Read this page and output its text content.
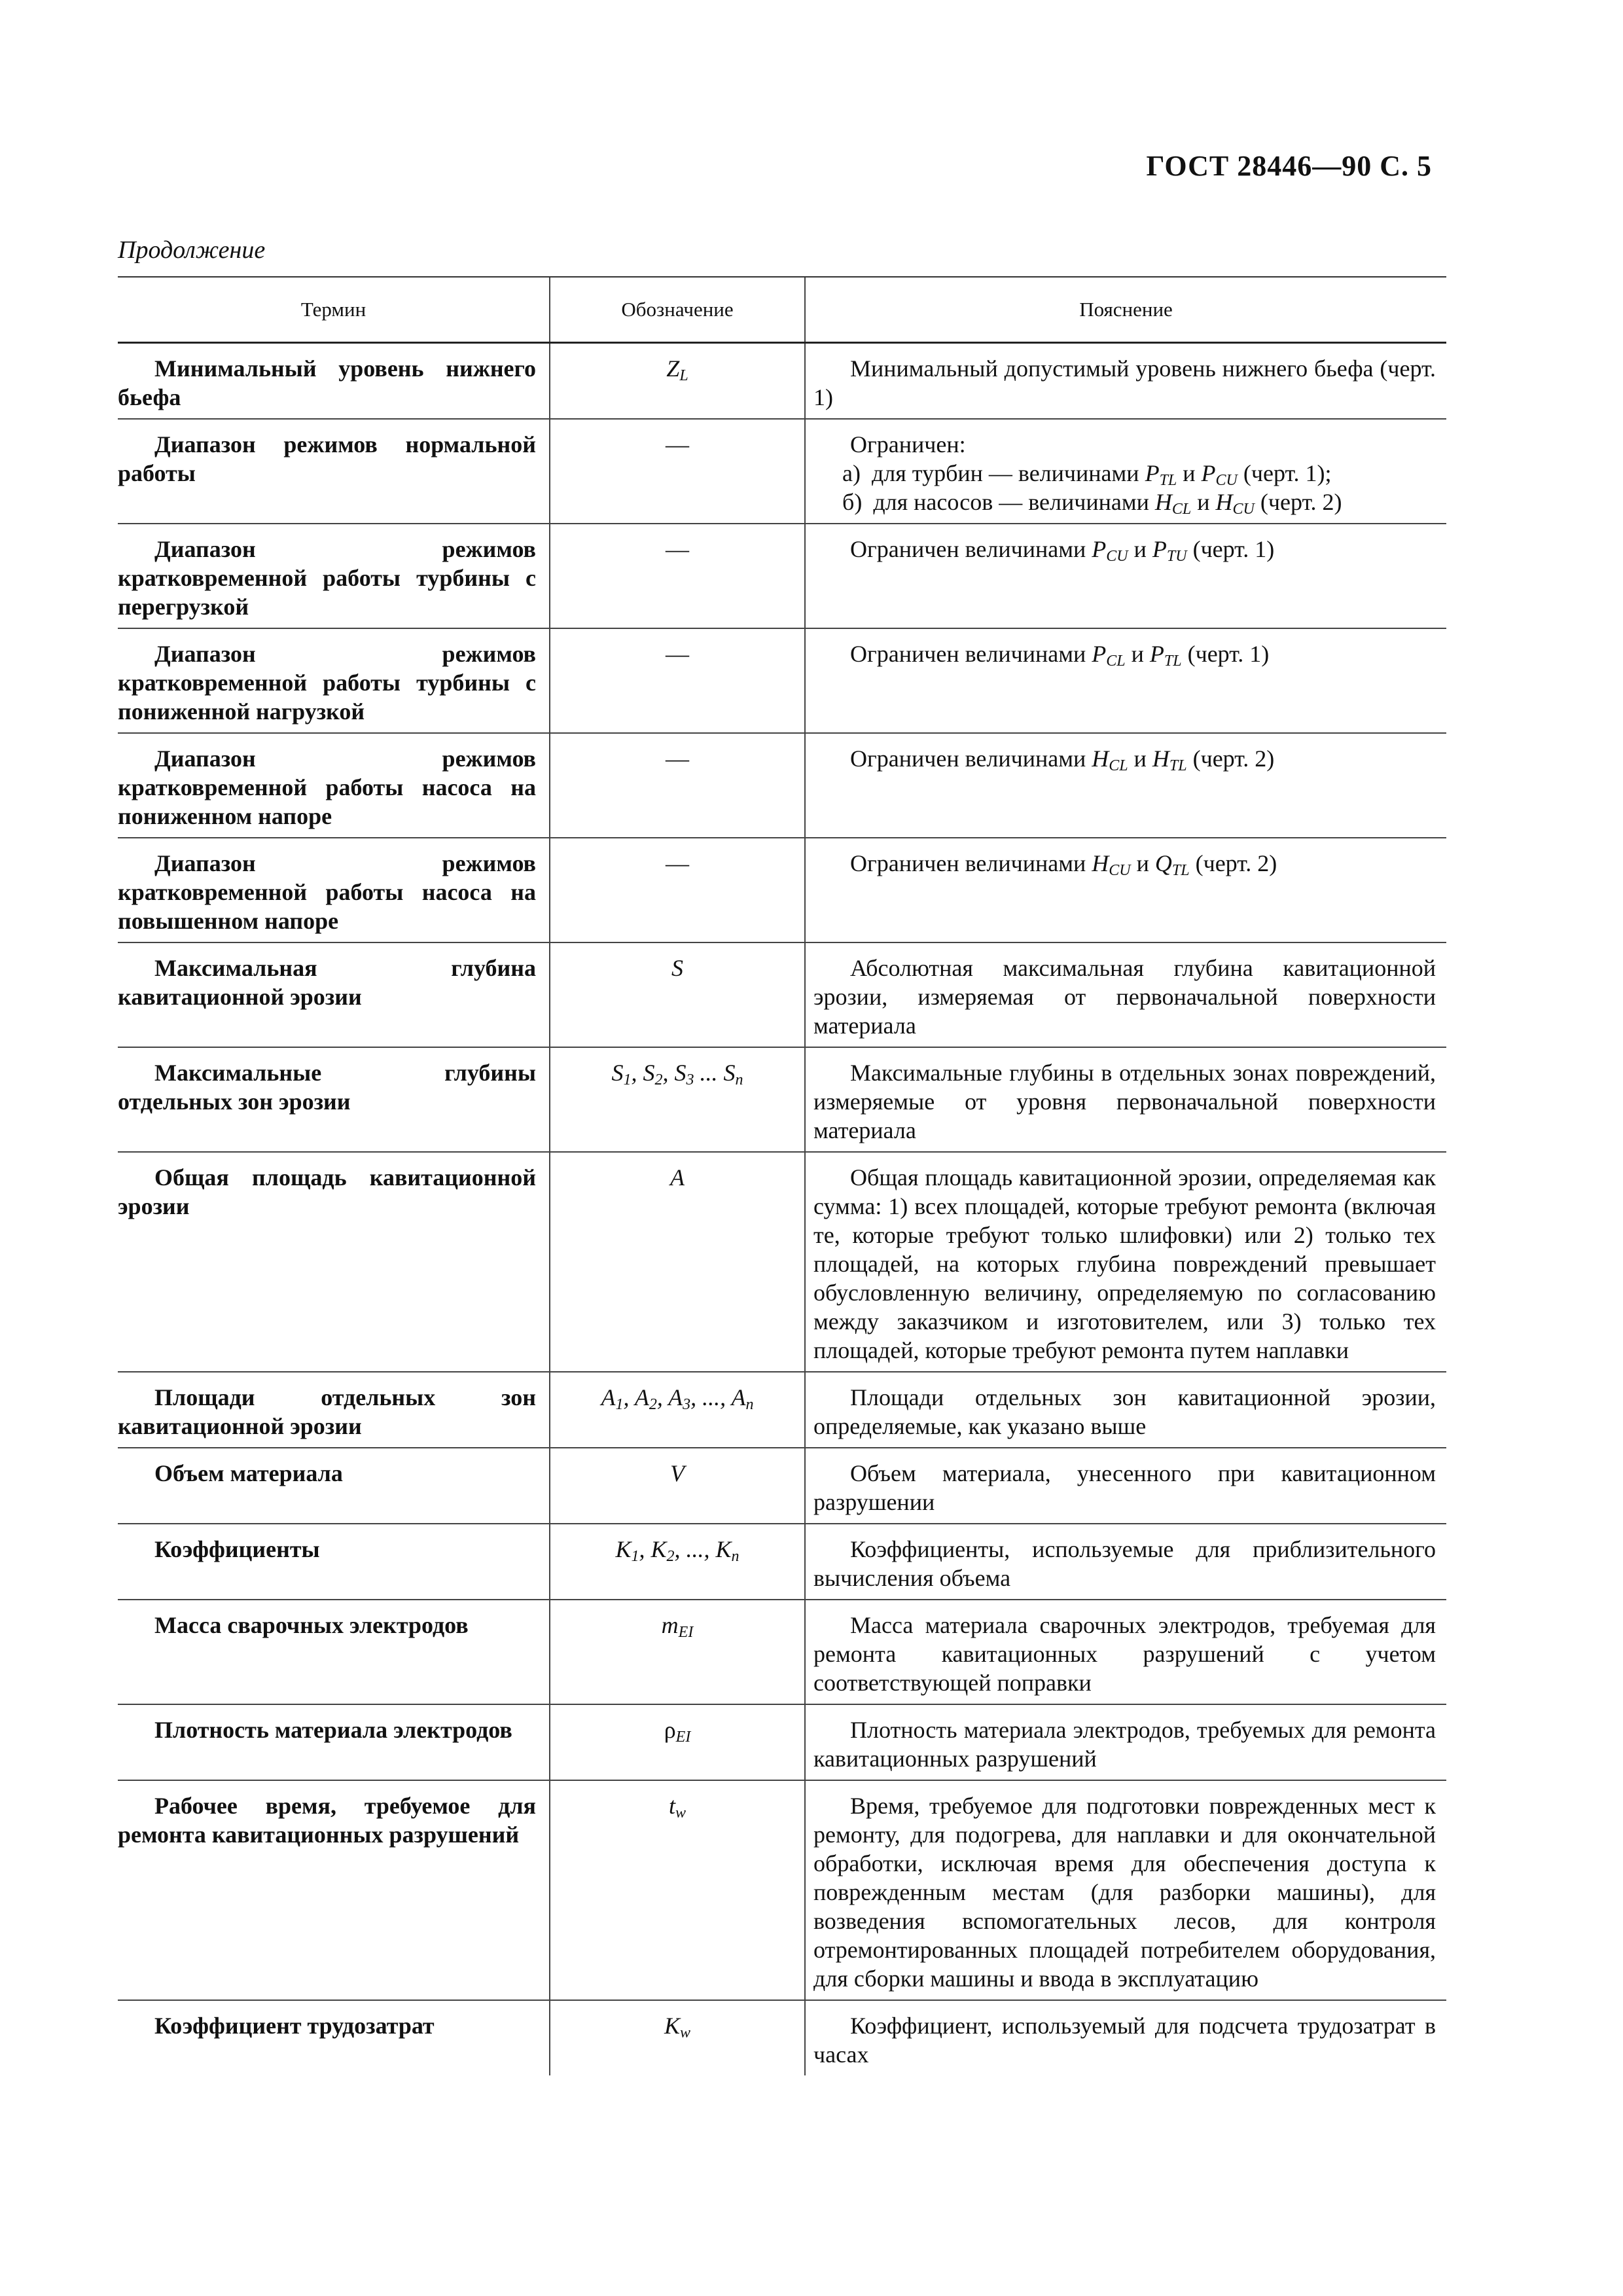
ГОСТ 28446—90 С. 5
Продолжение
Термин	Обозначение	Пояснение
Минимальный уровень нижнего бьефа	$Z_L$	Минимальный допустимый уровень нижнего бьефа (черт. 1)
Диапазон режимов нормальной работы	—	Ограничен:
а) для турбин — величинами $P_{TL}$ и $P_{CU}$ (черт. 1);
б) для насосов — величинами $H_{CL}$ и $H_{CU}$ (черт. 2)

Диапазон режимов кратковременной работы турбины с перегрузкой	—	Ограничен величинами $P_{CU}$ и $P_{TU}$ (черт. 1)
Диапазон режимов кратковременной работы турбины с пониженной нагрузкой	—	Ограничен величинами $P_{CL}$ и $P_{TL}$ (черт. 1)
Диапазон режимов кратковременной работы насоса на пониженном напоре	—	Ограничен величинами $H_{CL}$ и $H_{TL}$ (черт. 2)
Диапазон режимов кратковременной работы насоса на повышенном напоре	—	Ограничен величинами $H_{CU}$ и $Q_{TL}$ (черт. 2)
Максимальная глубина кавитационной эрозии	S	Абсолютная максимальная глубина кавитационной эрозии, измеряемая от первоначальной поверхности материала
Максимальные глубины отдельных зон эрозии	$S_1$, $S_2$, $S_3$ ... $S_n$	Максимальные глубины в отдельных зонах повреждений, измеряемые от уровня первоначальной поверхности материала
Общая площадь кавитационной эрозии	A	Общая площадь кавитационной эрозии, определяемая как сумма: 1) всех площадей, которые требуют ремонта (включая те, которые требуют только шлифовки) или 2) только тех площадей, на которых глубина повреждений превышает обусловленную величину, определяемую по согласованию между заказчиком и изготовителем, или 3) только тех площадей, которые требуют ремонта путем наплавки
Площади отдельных зон кавитационной эрозии	$A_1$, $A_2$, $A_3$, ..., $A_n$	Площади отдельных зон кавитационной эрозии, определяемые, как указано выше
Объем материала	V	Объем материала, унесенного при кавитационном разрушении
Коэффициенты	$K_1$, $K_2$, ..., $K_n$	Коэффициенты, используемые для приблизительного вычисления объема
Масса сварочных электродов	$m_{EI}$	Масса материала сварочных электродов, требуемая для ремонта кавитационных разрушений с учетом соответствующей поправки
Плотность материала электродов	$\rho_{EI}$	Плотность материала электродов, требуемых для ремонта кавитационных разрушений
Рабочее время, требуемое для ремонта кавитационных разрушений	$t_w$	Время, требуемое для подготовки поврежденных мест к ремонту, для подогрева, для наплавки и для окончательной обработки, исключая время для обеспечения доступа к поврежденным местам (для разборки машины), для возведения вспомогательных лесов, для контроля отремонтированных площадей потребителем оборудования, для сборки машины и ввода в эксплуатацию
Коэффициент трудозатрат	$K_w$	Коэффициент, используемый для подсчета трудозатрат в часах
